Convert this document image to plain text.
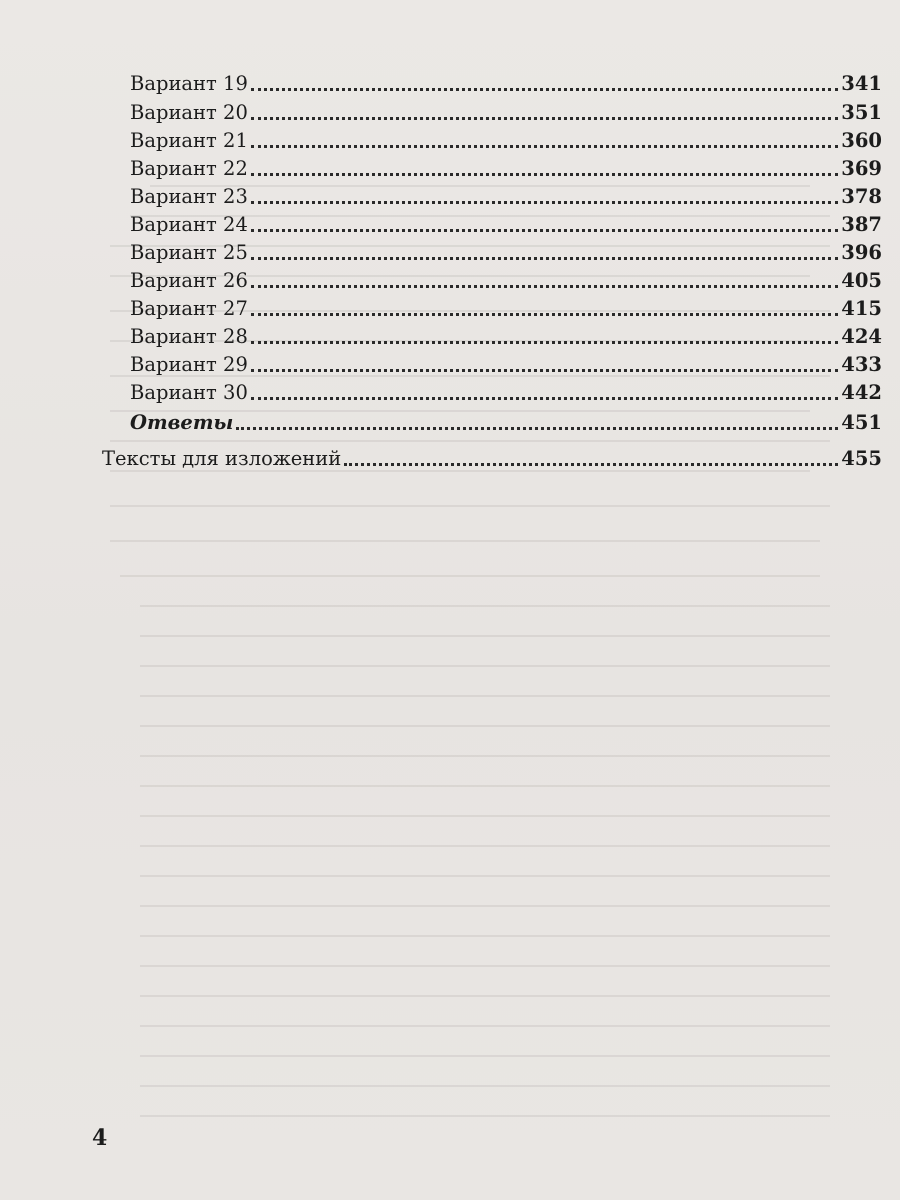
Вариант 19	341
Вариант 20	351
Вариант 21	360
Вариант 22	369
Вариант 23	378
Вариант 24	387
Вариант 25	396
Вариант 26	405
Вариант 27	415
Вариант 28	424
Вариант 29	433
Вариант 30	442
Ответы	451
Тексты для изложений	455
4
